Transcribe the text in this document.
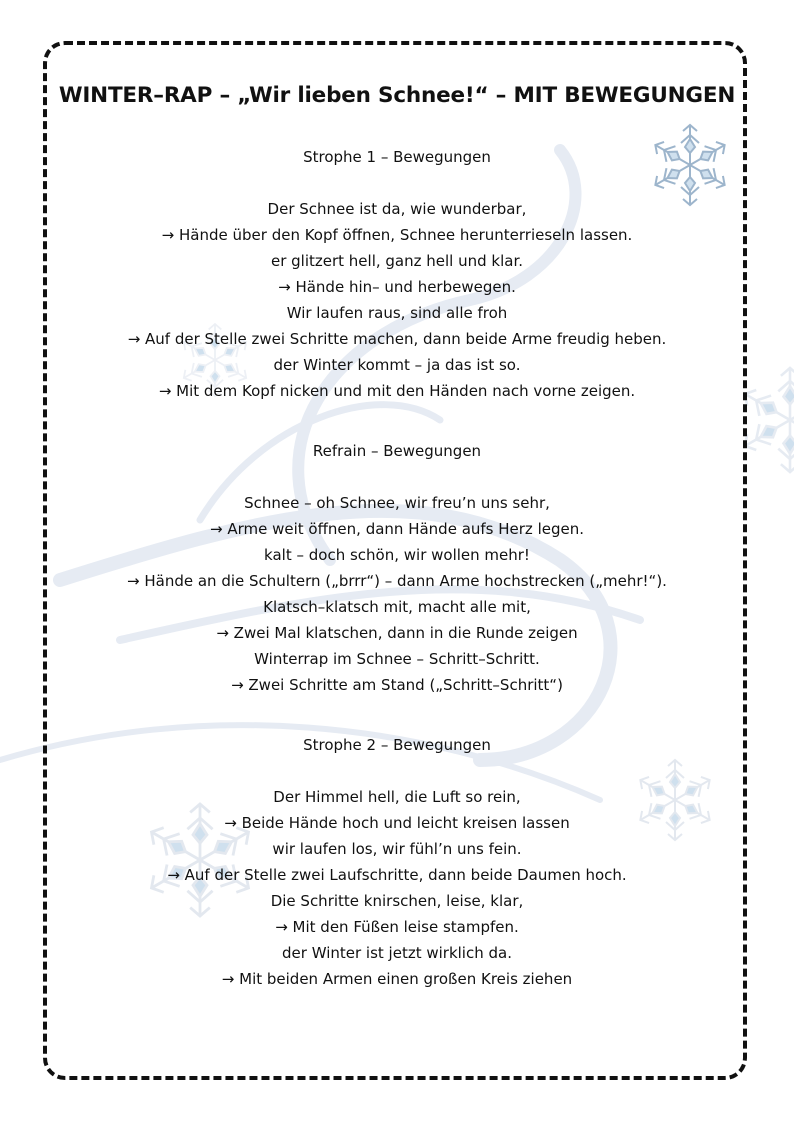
WINTER–RAP – „Wir lieben Schnee!“ – MIT BEWEGUNGEN
Strophe 1 – Bewegungen
Der Schnee ist da, wie wunderbar,
→ Hände über den Kopf öffnen, Schnee herunterrieseln lassen.
er glitzert hell, ganz hell und klar.
→ Hände hin– und herbewegen.
Wir laufen raus, sind alle froh
→ Auf der Stelle zwei Schritte machen, dann beide Arme freudig heben.
der Winter kommt – ja das ist so.
→ Mit dem Kopf nicken und mit den Händen nach vorne zeigen.
Refrain – Bewegungen
Schnee – oh Schnee, wir freu’n uns sehr,
→ Arme weit öffnen, dann Hände aufs Herz legen.
kalt – doch schön, wir wollen mehr!
→ Hände an die Schultern („brrr“) – dann Arme hochstrecken („mehr!“).
Klatsch–klatsch mit, macht alle mit,
→ Zwei Mal klatschen, dann in die Runde zeigen
Winterrap im Schnee – Schritt–Schritt.
→ Zwei Schritte am Stand („Schritt–Schritt“)
Strophe 2 – Bewegungen
Der Himmel hell, die Luft so rein,
→ Beide Hände hoch und leicht kreisen lassen
wir laufen los, wir fühl’n uns fein.
→ Auf der Stelle zwei Laufschritte, dann beide Daumen hoch.
Die Schritte knirschen, leise, klar,
→ Mit den Füßen leise stampfen.
der Winter ist jetzt wirklich da.
→ Mit beiden Armen einen großen Kreis ziehen
